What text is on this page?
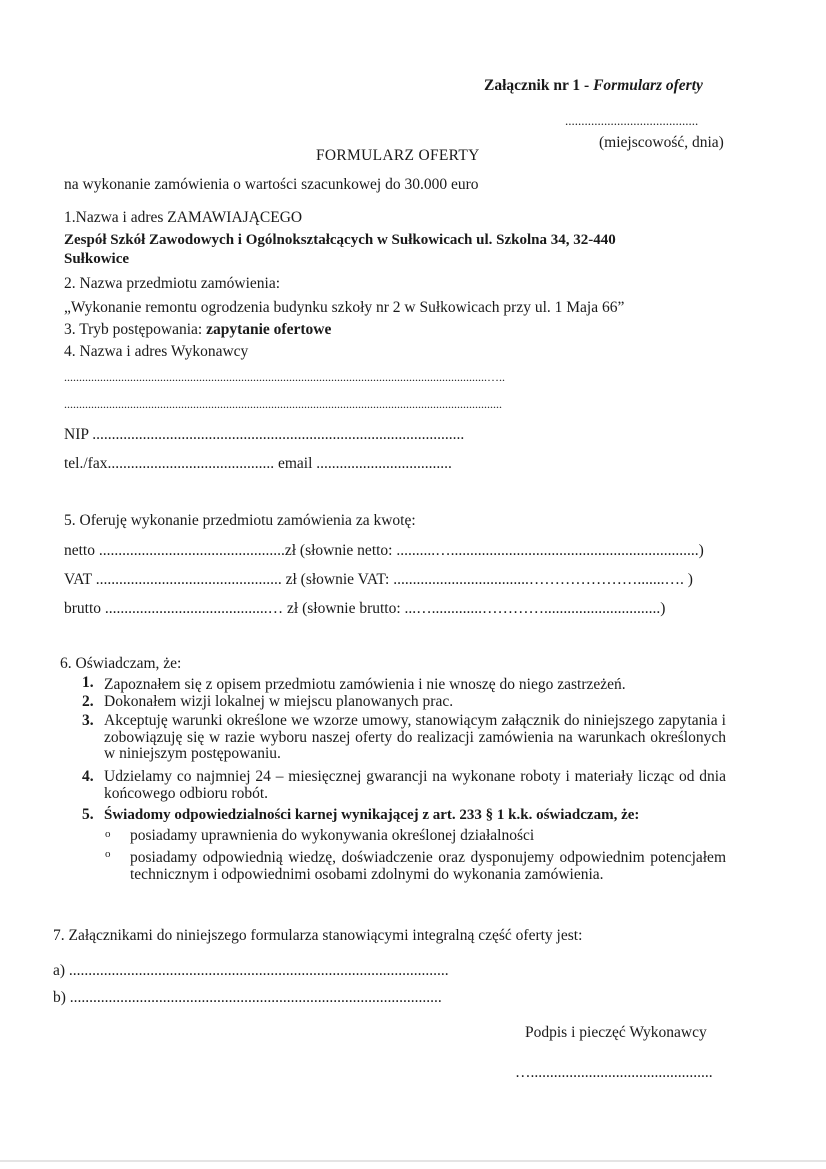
Załącznik nr 1 - Formularz oferty
.........................................
(miejscowość, dnia)
FORMULARZ OFERTY
na wykonanie zamówienia o wartości szacunkowej do 30.000 euro
1.Nazwa i adres ZAMAWIAJĄCEGO
Zespół Szkół Zawodowych i Ogólnokształcących w Sułkowicach ul. Szkolna 34, 32-440
Sułkowice
2. Nazwa przedmiotu zamówienia:
„Wykonanie remontu ogrodzenia budynku szkoły nr 2 w Sułkowicach przy ul. 1 Maja 66”
3. Tryb postępowania: zapytanie ofertowe
4. Nazwa i adres Wykonawcy
.............................................................................................................................................…..
..................................................................................................................................................
NIP ................................................................................................
tel./fax........................................... email ...................................
5. Oferuję wykonanie przedmiotu zamówienia za kwotę:
netto ................................................zł (słownie netto: ..........…................................................................)
VAT ................................................ zł (słownie VAT: ...................................………………….......…. )
brutto ..........................................… zł (słownie brutto: ...….............…………..............................)
6. Oświadczam, że:
1. Zapoznałem się z opisem przedmiotu zamówienia i nie wnoszę do niego zastrzeżeń.
2. Dokonałem wizji lokalnej w miejscu planowanych prac.
3. Akceptuję warunki określone we wzorze umowy, stanowiącym załącznik do niniejszego zapytania i zobowiązuję się w razie wyboru naszej oferty do realizacji zamówienia na warunkach określonych w niniejszym postępowaniu.
4. Udzielamy co najmniej 24 – miesięcznej gwarancji na wykonane roboty i materiały licząc od dnia końcowego odbioru robót.
5. Świadomy odpowiedzialności karnej wynikającej z art. 233 § 1 k.k. oświadczam, że:
o posiadamy uprawnienia do wykonywania określonej działalności
o posiadamy odpowiednią wiedzę, doświadczenie oraz dysponujemy odpowiednim potencjałem technicznym i odpowiednimi osobami zdolnymi do wykonania zamówienia.
7. Załącznikami do niniejszego formularza stanowiącymi integralną część oferty jest:
a) ..................................................................................................
b) ................................................................................................
Podpis i pieczęć Wykonawcy
…...............................................
